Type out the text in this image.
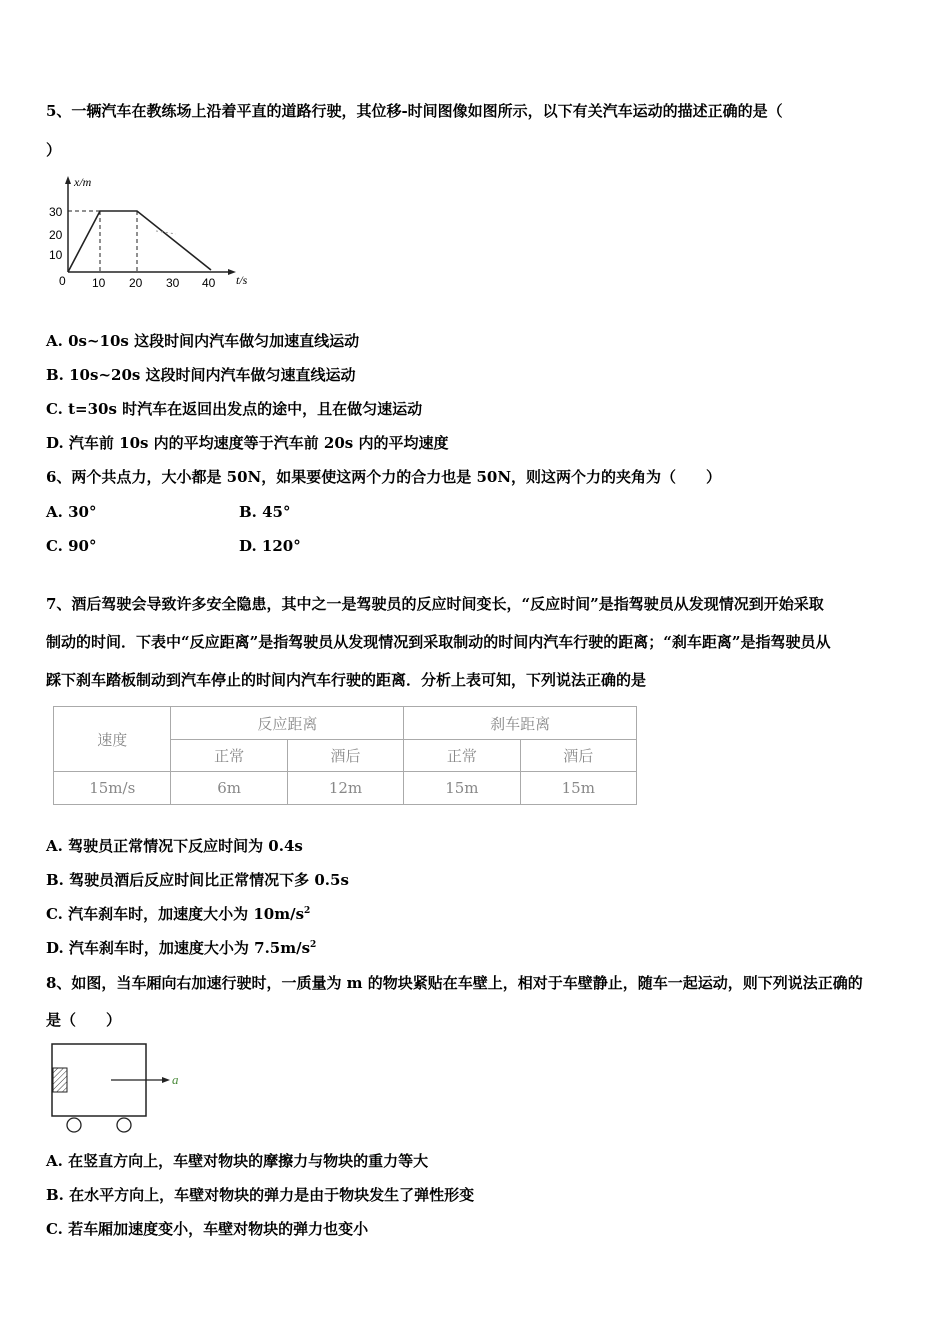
5、一辆汽车在教练场上沿着平直的道路行驶，其位移-时间图像如图所示，以下有关汽车运动的描述正确的是（
）
x/m
t/s
0
30
20
10
10 20 30 40
A. 0s~10s 这段时间内汽车做匀加速直线运动
B. 10s~20s 这段时间内汽车做匀速直线运动
C. t=30s 时汽车在返回出发点的途中，且在做匀速运动
D. 汽车前 10s 内的平均速度等于汽车前 20s 内的平均速度
6、两个共点力，大小都是 50N，如果要使这两个力的合力也是 50N，则这两个力的夹角为（　　）
A. 30°	B. 45°
C. 90°	D. 120°
7、酒后驾驶会导致许多安全隐患，其中之一是驾驶员的反应时间变长，“反应时间”是指驾驶员从发现情况到开始采取
制动的时间．下表中“反应距离”是指驾驶员从发现情况到采取制动的时间内汽车行驶的距离；“刹车距离”是指驾驶员从
踩下刹车踏板制动到汽车停止的时间内汽车行驶的距离．分析上表可知，下列说法正确的是
速度	反应距离		刹车距离	
	正常	酒后	正常	酒后
15m/s	6m	12m	15m	15m
A. 驾驶员正常情况下反应时间为 0.4s
B. 驾驶员酒后反应时间比正常情况下多 0.5s
C. 汽车刹车时，加速度大小为 $10m/s^2$
D. 汽车刹车时，加速度大小为 $7.5m/s^2$
8、如图，当车厢向右加速行驶时，一质量为 m 的物块紧贴在车壁上，相对于车壁静止，随车一起运动，则下列说法正确的
是（　　）
a
A. 在竖直方向上，车壁对物块的摩擦力与物块的重力等大
B. 在水平方向上，车壁对物块的弹力是由于物块发生了弹性形变
C. 若车厢加速度变小，车壁对物块的弹力也变小
